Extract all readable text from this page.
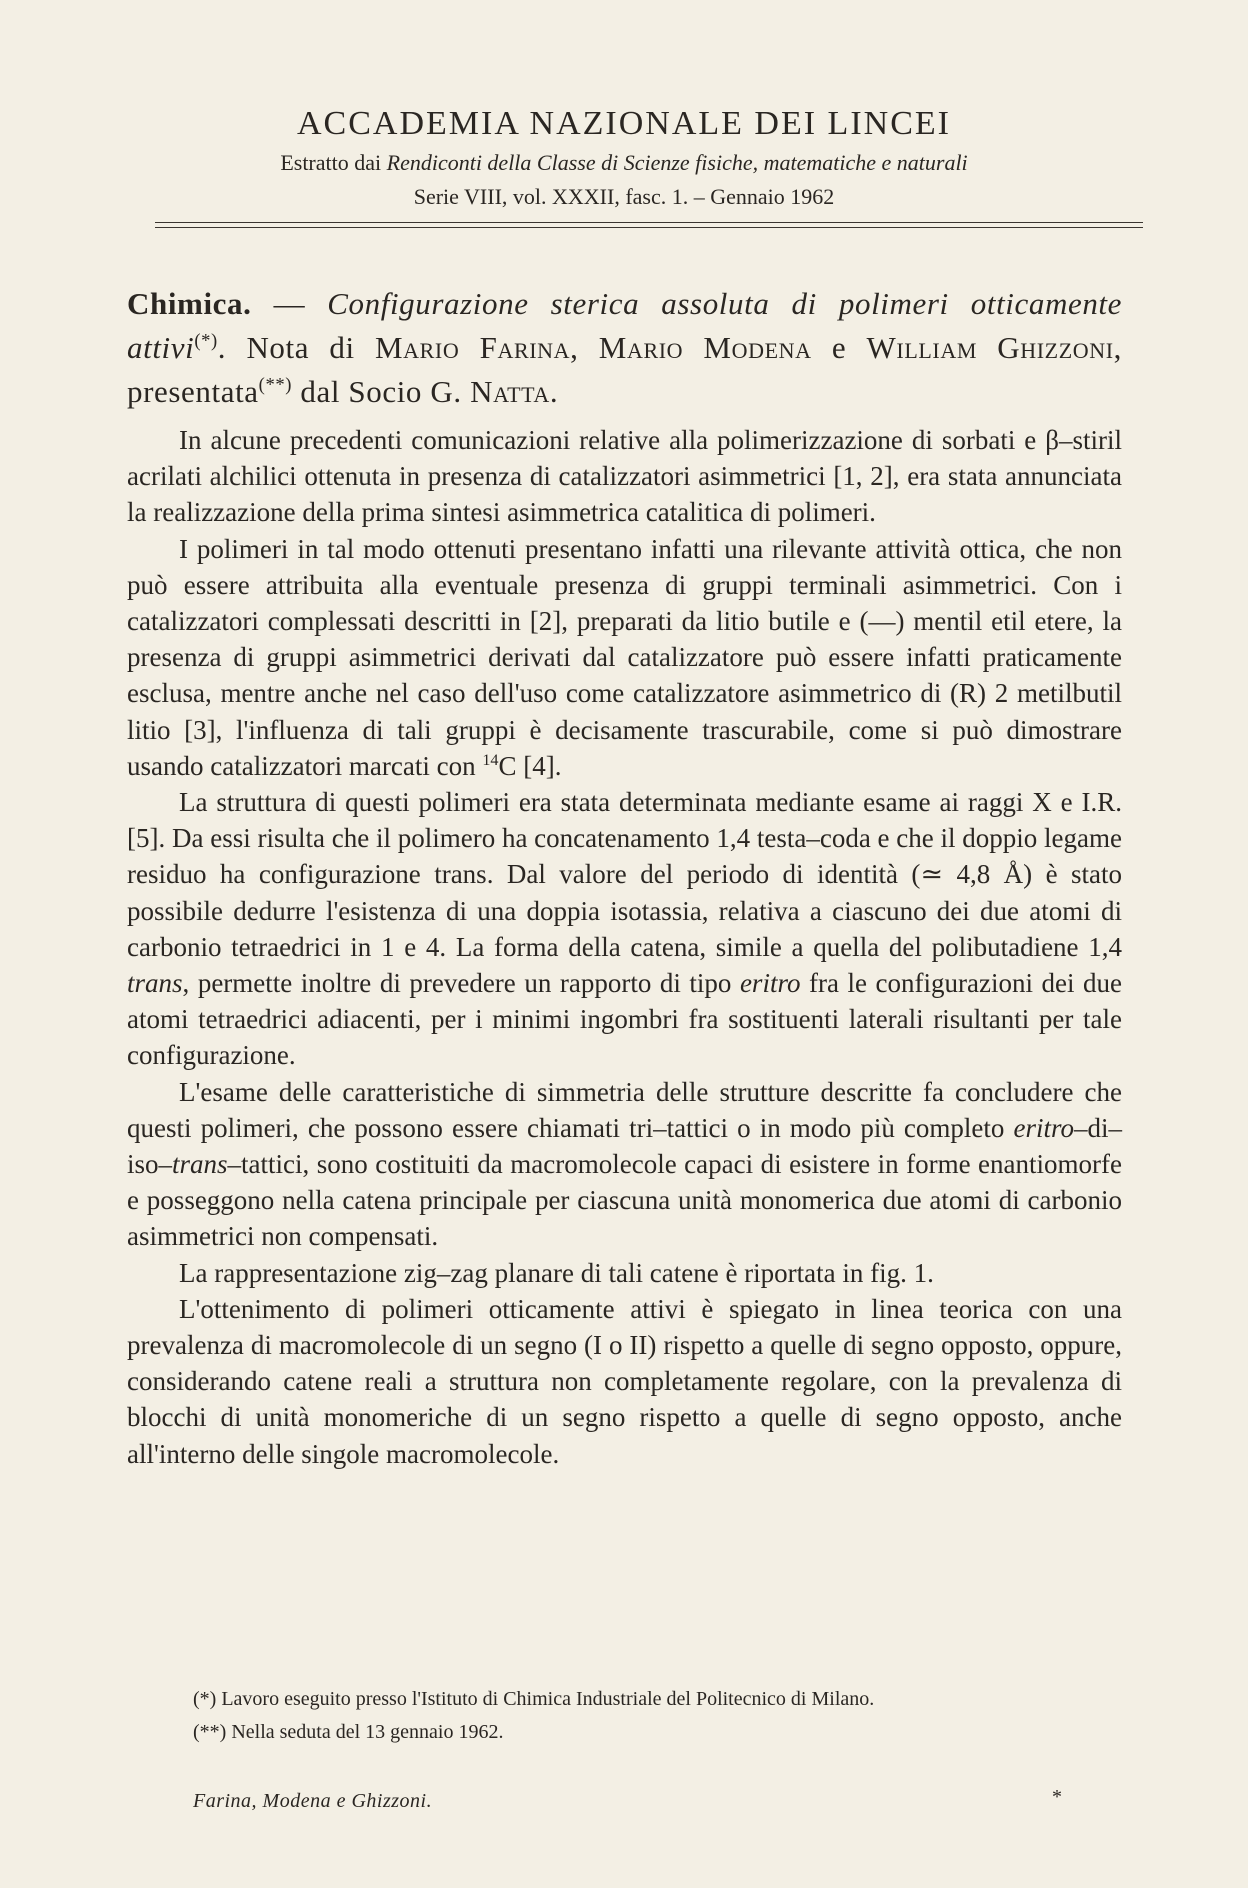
ACCADEMIA NAZIONALE DEI LINCEI

Estratto dai Rendiconti della Classe di Scienze fisiche, matematiche e naturali

Serie VIII, vol. XXXII, fasc. 1. – Gennaio 1962

Chimica. — Configurazione sterica assoluta di polimeri otticamente attivi(*). Nota di Mario Farina, Mario Modena e William Ghizzoni, presentata(**) dal Socio G. Natta.

In alcune precedenti comunicazioni relative alla polimerizzazione di sorbati e β–stiril acrilati alchilici ottenuta in presenza di catalizzatori asimmetrici [1, 2], era stata annunciata la realizzazione della prima sintesi asimmetrica catalitica di polimeri.

I polimeri in tal modo ottenuti presentano infatti una rilevante attività ottica, che non può essere attribuita alla eventuale presenza di gruppi terminali asimmetrici. Con i catalizzatori complessati descritti in [2], preparati da litio butile e (—) mentil etil etere, la presenza di gruppi asimmetrici derivati dal catalizzatore può essere infatti praticamente esclusa, mentre anche nel caso dell'uso come catalizzatore asimmetrico di (R) 2 metilbutil litio [3], l'influenza di tali gruppi è decisamente trascurabile, come si può dimostrare usando catalizzatori marcati con $^{14}$C [4].

La struttura di questi polimeri era stata determinata mediante esame ai raggi X e I.R. [5]. Da essi risulta che il polimero ha concatenamento 1,4 testa–coda e che il doppio legame residuo ha configurazione trans. Dal valore del periodo di identità (≃ 4,8 Å) è stato possibile dedurre l'esistenza di una doppia isotassia, relativa a ciascuno dei due atomi di carbonio tetraedrici in 1 e 4. La forma della catena, simile a quella del polibutadiene 1,4 trans, permette inoltre di prevedere un rapporto di tipo eritro fra le configurazioni dei due atomi tetraedrici adiacenti, per i minimi ingombri fra sostituenti laterali risultanti per tale configurazione.

L'esame delle caratteristiche di simmetria delle strutture descritte fa concludere che questi polimeri, che possono essere chiamati tri–tattici o in modo più completo eritro–di–iso–trans–tattici, sono costituiti da macromolecole capaci di esistere in forme enantiomorfe e posseggono nella catena principale per ciascuna unità monomerica due atomi di carbonio asimmetrici non compensati.

La rappresentazione zig–zag planare di tali catene è riportata in fig. 1.

L'ottenimento di polimeri otticamente attivi è spiegato in linea teorica con una prevalenza di macromolecole di un segno (I o II) rispetto a quelle di segno opposto, oppure, considerando catene reali a struttura non completamente regolare, con la prevalenza di blocchi di unità monomeriche di un segno rispetto a quelle di segno opposto, anche all'interno delle singole macromolecole.

(*) Lavoro eseguito presso l'Istituto di Chimica Industriale del Politecnico di Milano.

(**) Nella seduta del 13 gennaio 1962.

Farina, Modena e Ghizzoni.	*
